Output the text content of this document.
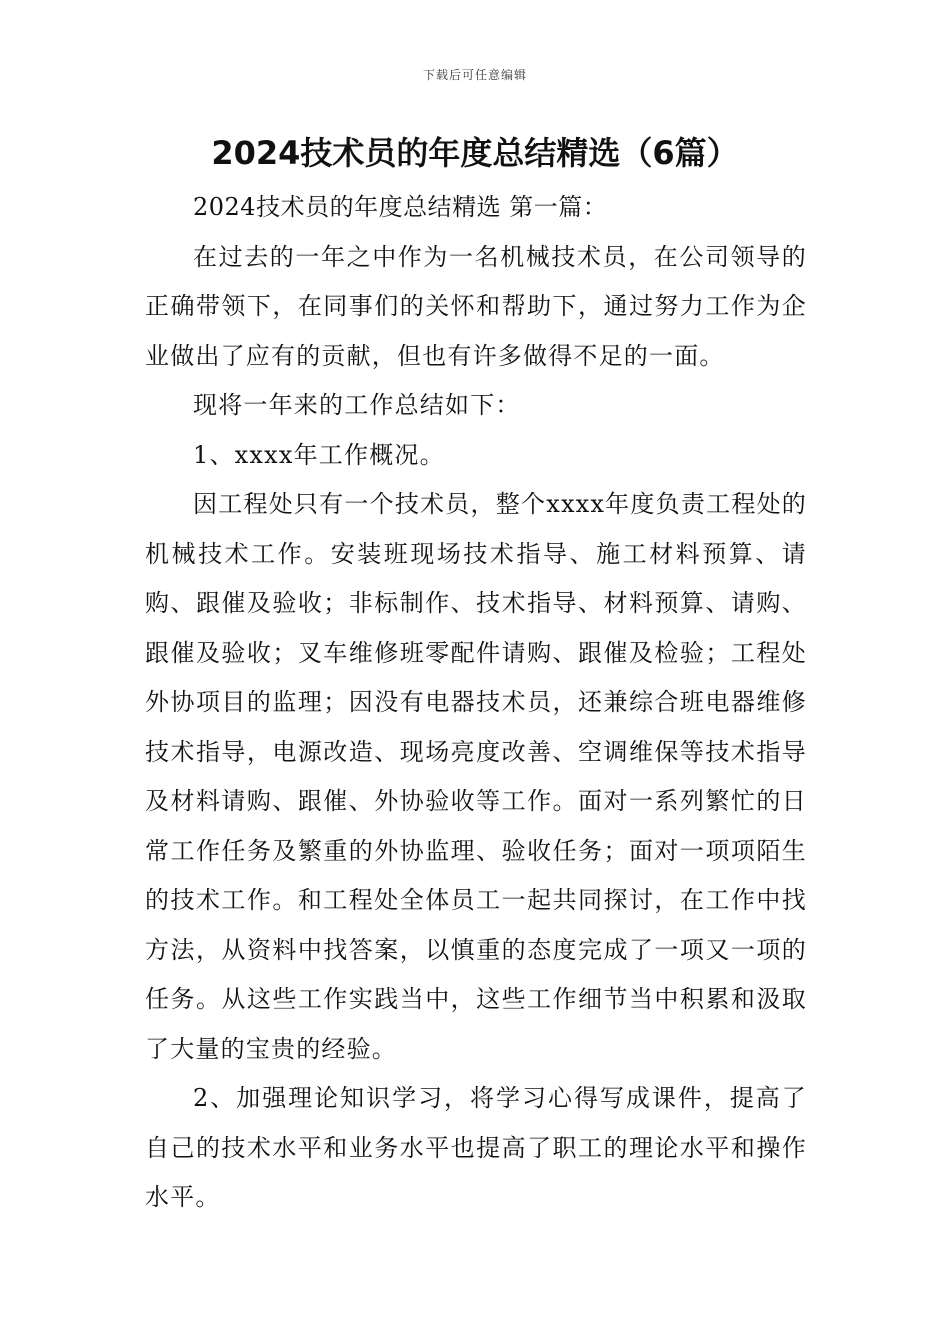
下载后可任意编辑
2024技术员的年度总结精选（6篇）

2024技术员的年度总结精选 第一篇：

在过去的一年之中作为一名机械技术员，在公司领导的正确带领下，在同事们的关怀和帮助下，通过努力工作为企业做出了应有的贡献，但也有许多做得不足的一面。

现将一年来的工作总结如下：

1、xxxx年工作概况。

因工程处只有一个技术员，整个xxxx年度负责工程处的机械技术工作。安装班现场技术指导、施工材料预算、请购、跟催及验收；非标制作、技术指导、材料预算、请购、跟催及验收；叉车维修班零配件请购、跟催及检验；工程处外协项目的监理；因没有电器技术员，还兼综合班电器维修技术指导，电源改造、现场亮度改善、空调维保等技术指导及材料请购、跟催、外协验收等工作。面对一系列繁忙的日常工作任务及繁重的外协监理、验收任务；面对一项项陌生的技术工作。和工程处全体员工一起共同探讨，在工作中找方法，从资料中找答案，以慎重的态度完成了一项又一项的任务。从这些工作实践当中，这些工作细节当中积累和汲取了大量的宝贵的经验。

2、加强理论知识学习，将学习心得写成课件，提高了自己的技术水平和业务水平也提高了职工的理论水平和操作水平。
